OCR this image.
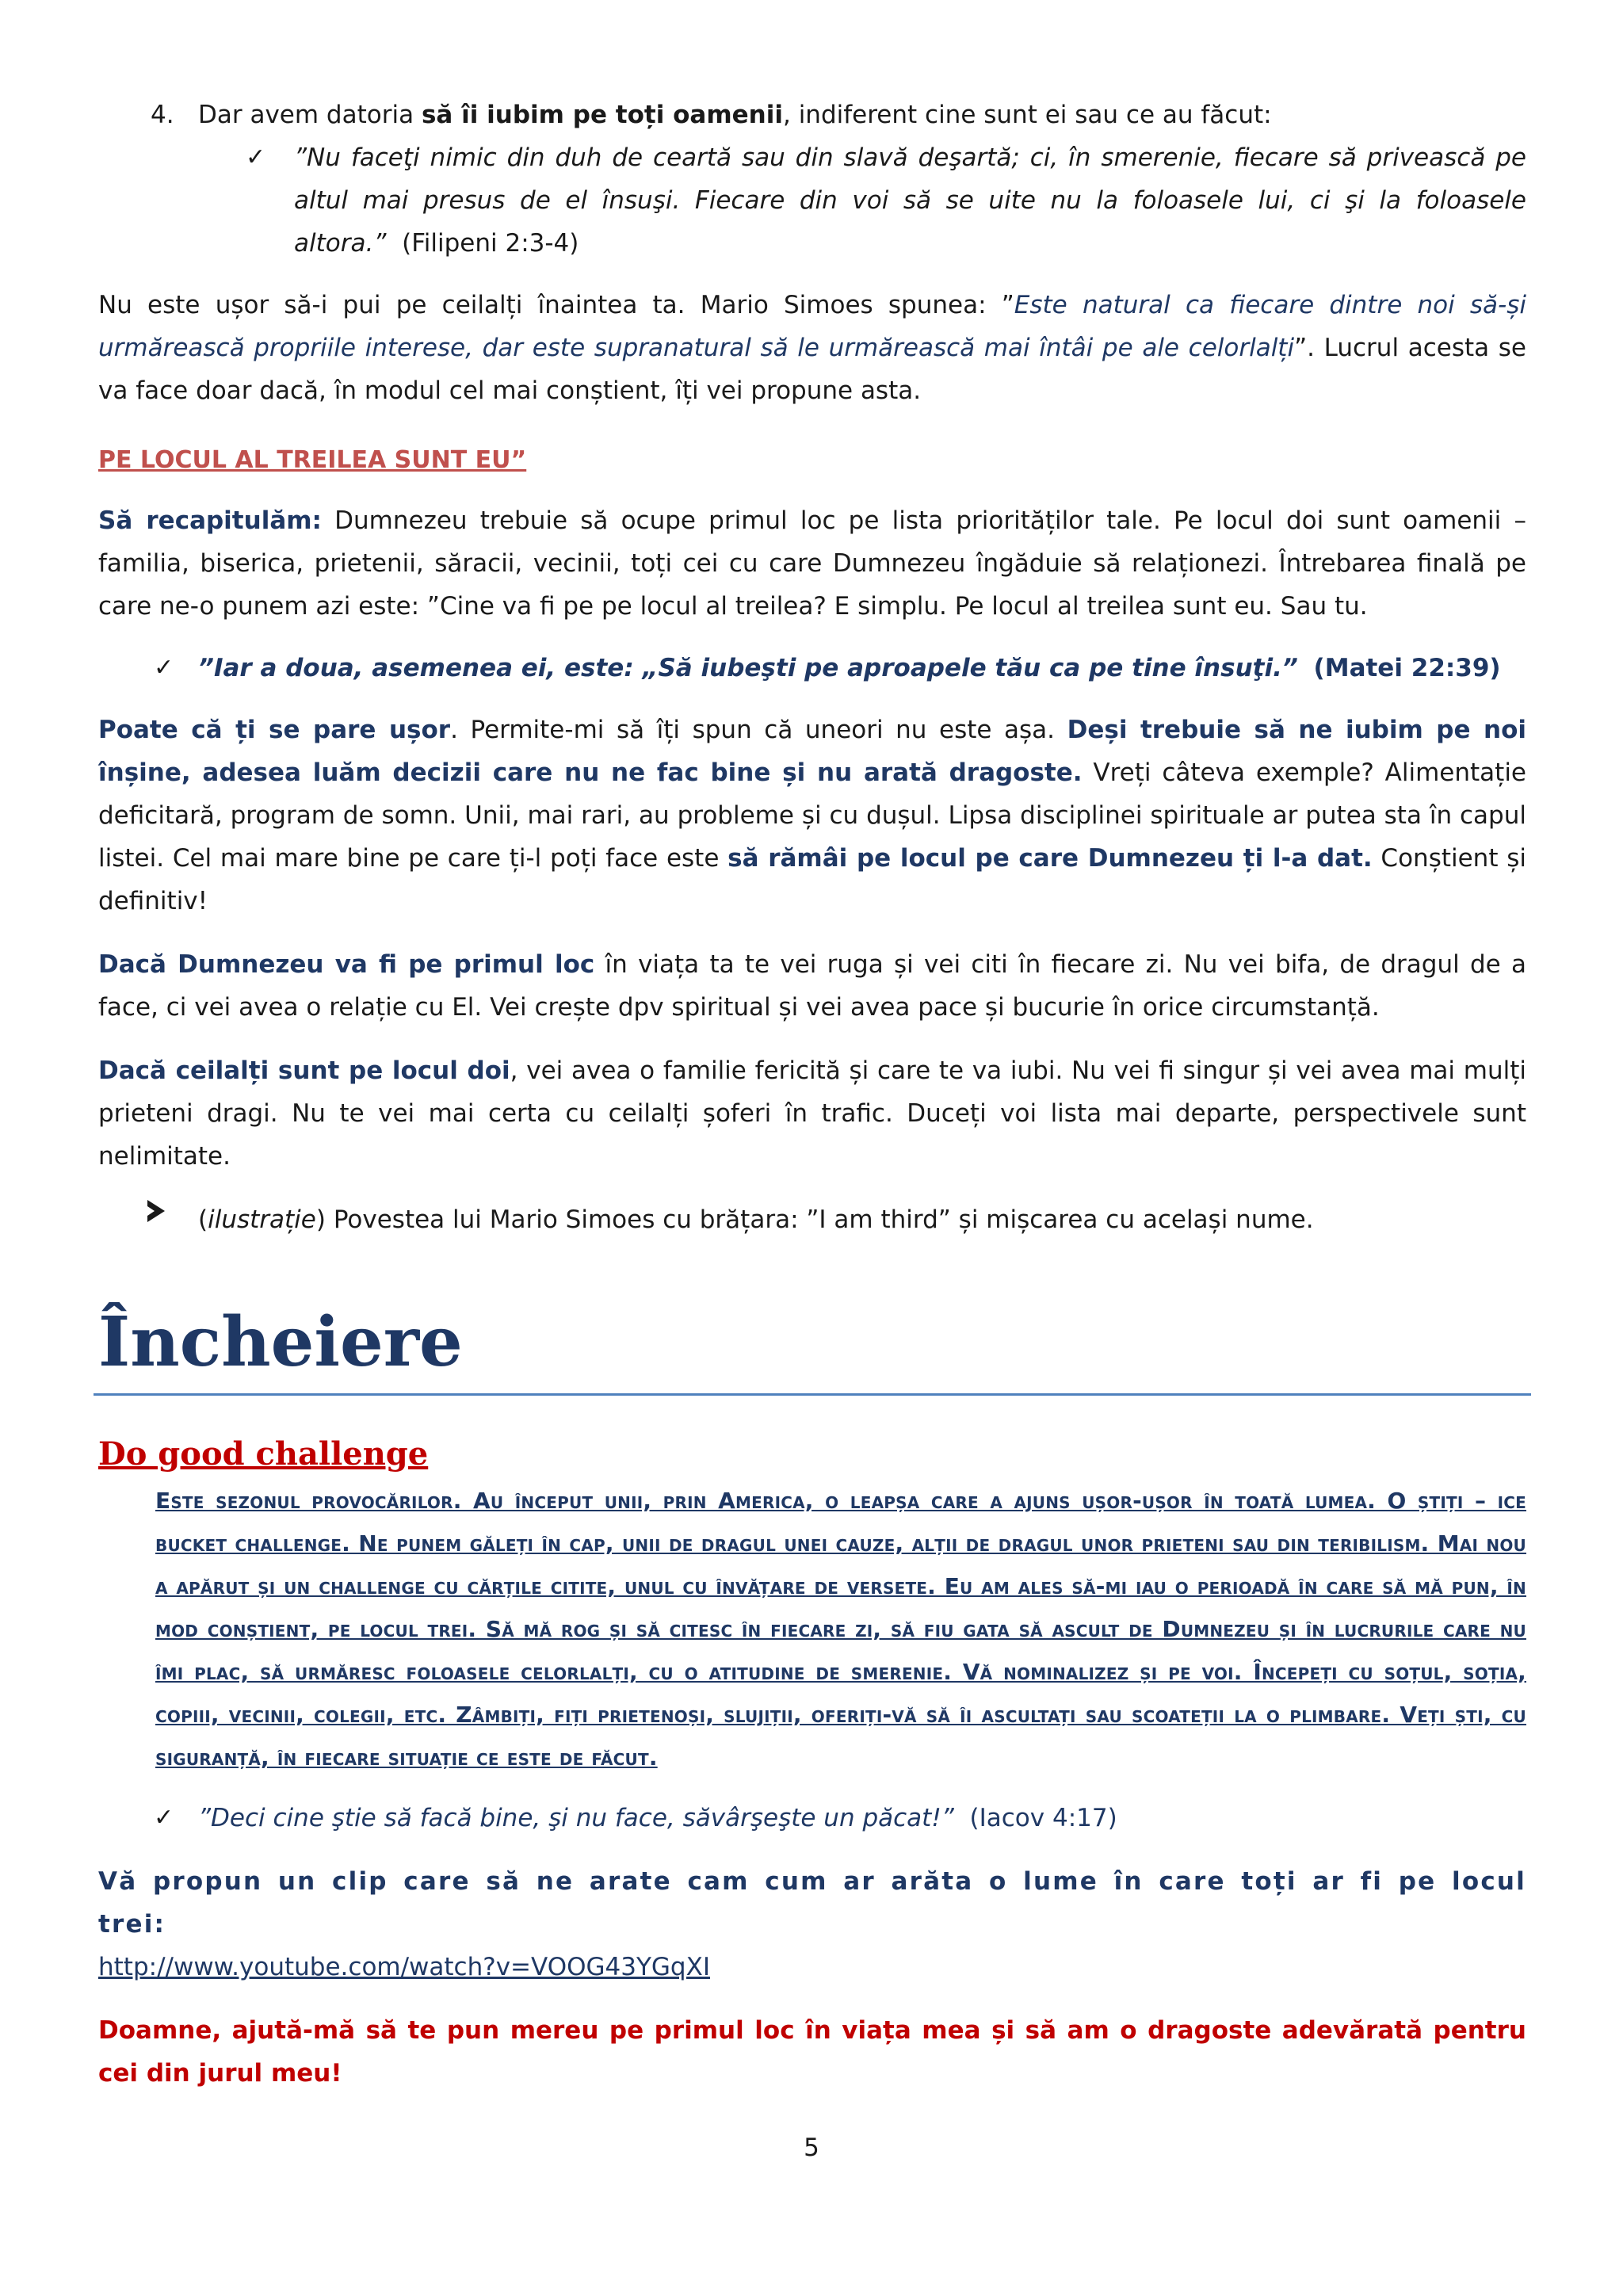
4. Dar avem datoria să îi iubim pe toți oamenii, indiferent cine sunt ei sau ce au făcut:
✓ ”Nu faceţi nimic din duh de ceartă sau din slavă deşartă; ci, în smerenie, fiecare să privească pe altul mai presus de el însuşi. Fiecare din voi să se uite nu la foloasele lui, ci şi la foloasele altora.” (Filipeni 2:3-4)

Nu este ușor să-i pui pe ceilalți înaintea ta. Mario Simoes spunea: ”Este natural ca fiecare dintre noi să-și urmărească propriile interese, dar este supranatural să le urmărească mai întâi pe ale celorlalți”. Lucrul acesta se va face doar dacă, în modul cel mai conștient, îți vei propune asta.

PE LOCUL AL TREILEA SUNT EU”

Să recapitulăm: Dumnezeu trebuie să ocupe primul loc pe lista priorităților tale. Pe locul doi sunt oamenii – familia, biserica, prietenii, săracii, vecinii, toți cei cu care Dumnezeu îngăduie să relaționezi. Întrebarea finală pe care ne-o punem azi este: ”Cine va fi pe pe locul al treilea? E simplu. Pe locul al treilea sunt eu. Sau tu.

✓ ”Iar a doua, asemenea ei, este: „Să iubeşti pe aproapele tău ca pe tine însuţi.” (Matei 22:39)

Poate că ți se pare ușor. Permite-mi să îți spun că uneori nu este așa. Deși trebuie să ne iubim pe noi înșine, adesea luăm decizii care nu ne fac bine și nu arată dragoste. Vreți câteva exemple? Alimentație deficitară, program de somn. Unii, mai rari, au probleme și cu dușul. Lipsa disciplinei spirituale ar putea sta în capul listei. Cel mai mare bine pe care ți-l poți face este să rămâi pe locul pe care Dumnezeu ți l-a dat. Conștient și definitiv!

Dacă Dumnezeu va fi pe primul loc în viața ta te vei ruga și vei citi în fiecare zi. Nu vei bifa, de dragul de a face, ci vei avea o relație cu El. Vei crește dpv spiritual și vei avea pace și bucurie în orice circumstanță.

Dacă ceilalți sunt pe locul doi, vei avea o familie fericită și care te va iubi. Nu vei fi singur și vei avea mai mulți prieteni dragi. Nu te vei mai certa cu ceilalți șoferi în trafic. Duceți voi lista mai departe, perspectivele sunt nelimitate.

(ilustrație) Povestea lui Mario Simoes cu brățara: ”I am third” și mișcarea cu același nume.
Încheiere

Do good challenge

Este sezonul provocărilor. Au început unii, prin America, o leapșa care a ajuns ușor-ușor în toată lumea. O știți – ice bucket challenge. Ne punem găleți în cap, unii de dragul unei cauze, alții de dragul unor prieteni sau din teribilism. Mai nou a apărut și un challenge cu cărțile citite, unul cu învățare de versete. Eu am ales să-mi iau o perioadă în care să mă pun, în mod conștient, pe locul trei. Să mă rog și să citesc în fiecare zi, să fiu gata să ascult de Dumnezeu și în lucrurile care nu îmi plac, să urmăresc foloasele celorlalți, cu o atitudine de smerenie. Vă nominalizez și pe voi. Începeți cu soțul, soția, copiii, vecinii, colegii, etc. Zâmbiți, fiți prietenoși, slujiții, oferiți-vă să îi ascultați sau scoateții la o plimbare. Veți ști, cu siguranță, în fiecare situație ce este de făcut.

✓ ”Deci cine ştie să facă bine, şi nu face, săvârşeşte un păcat!” (Iacov 4:17)

Vă propun un clip care să ne arate cam cum ar arăta o lume în care toți ar fi pe locul trei:
http://www.youtube.com/watch?v=VOOG43YGqXI

Doamne, ajută-mă să te pun mereu pe primul loc în viața mea și să am o dragoste adevărată pentru cei din jurul meu!

5
